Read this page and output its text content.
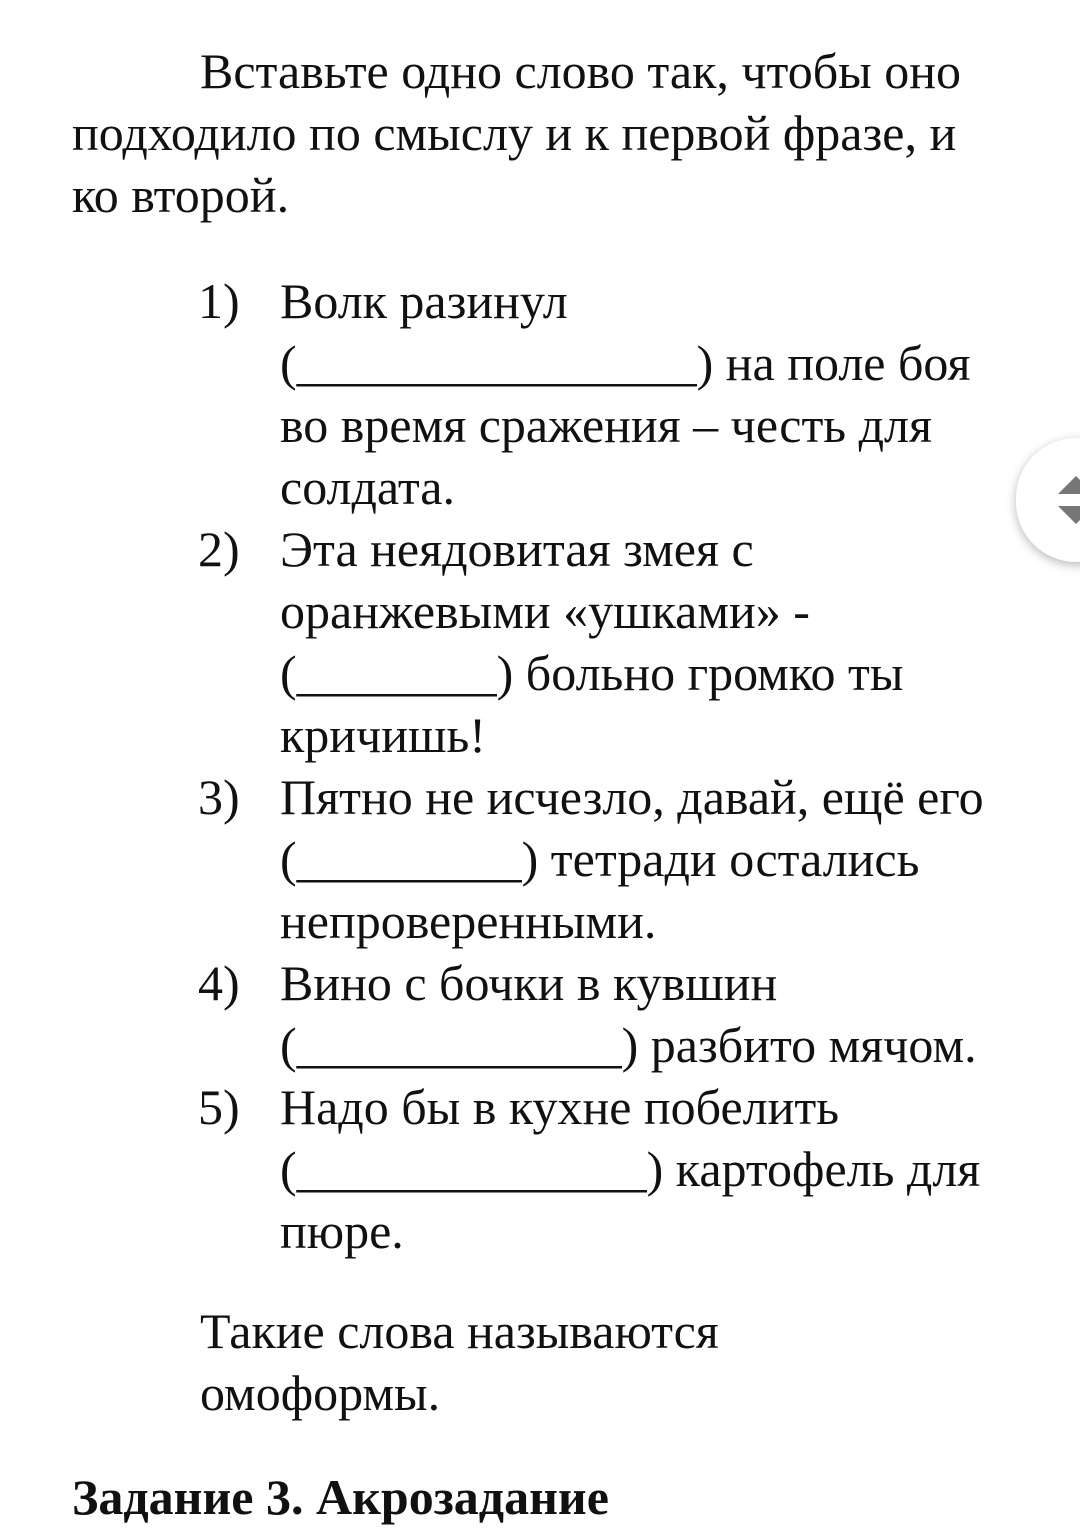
Вставьте одно слово так, чтобы оно подходило по смыслу и к первой фразе, и ко второй.

1) Волк разинул
(________________) на поле боя во время сражения – честь для солдата.
2) Эта неядовитая змея с оранжевыми «ушками» -
(________) больно громко ты кричишь!
3) Пятно не исчезло, давай, ещё его (_________) тетради остались непроверенными.
4) Вино с бочки в кувшин
(_____________) разбито мячом.
5) Надо бы в кухне побелить
(______________) картофель для пюре.

Такие слова называются
омоформы.

Задание 3. Акрозадание
